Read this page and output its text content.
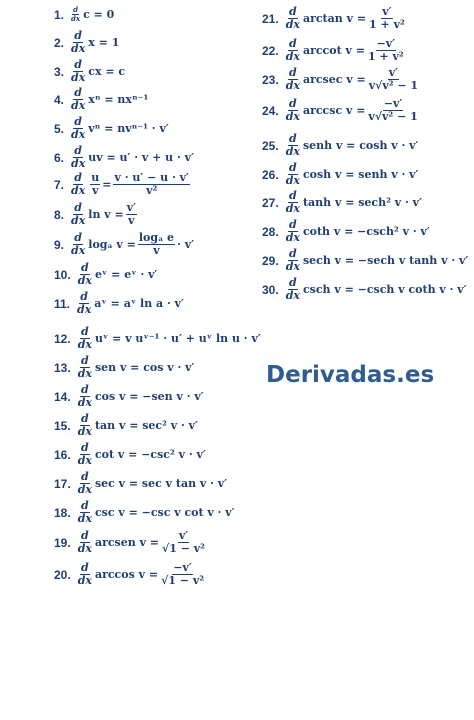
1. $\frac{d}{dx}$ c = 0
2. $\frac{d}{dx}$ x = 1
3. $\frac{d}{dx}$ cx = c
4. $\frac{d}{dx}$ xⁿ = nxⁿ⁻¹
5. $\frac{d}{dx}$ vⁿ = nvⁿ⁻¹ · v′
6. $\frac{d}{dx}$ uv = u′ · v + u · v′
7. $\frac{d}{dx} \frac{u}{v} = \frac{v \cdot u' - u \cdot v'}{\text{v²}}$
8. $\frac{d}{dx}$ $\ln v = \frac{v'}{v}$
9. $\frac{d}{dx}$ logₐ $v = \frac{\text{logₐ e}}{v} \cdot v'$
10. $\frac{d}{dx}$ eᵛ = eᵛ · v′
11. $\frac{d}{dx}$ aᵛ = aᵛ ln a · v′
12. $\frac{d}{dx}$ uᵛ = v uᵛ⁻¹ · u′ + uᵛ ln u · v′
13. $\frac{d}{dx}$ sen v = cos v · v′
14. $\frac{d}{dx}$ cos v = −sen v · v′
15. $\frac{d}{dx}$ tan v = sec² v · v′
16. $\frac{d}{dx}$ cot v = −csc² v · v′
17. $\frac{d}{dx}$ sec v = sec v tan v · v′
18. $\frac{d}{dx}$ csc v = −csc v cot v · v′
19. $\frac{d}{dx}$ arcsen $v = \frac{v'}{\text{√1 − v²}}$
20. $\frac{d}{dx}$ $\arccos v = \frac{-v'}{\text{√1 − v²}}$
21. $\frac{d}{dx}$ $\arctan v = \frac{v'}{\text{1 + v²}}$
22. $\frac{d}{dx}$ arccot $v = \frac{-v'}{\text{1 + v²}}$
23. $\frac{d}{dx}$ arcsec $v = \frac{v'}{\text{v√v² − 1}}$
24. $\frac{d}{dx}$ arccsc $v = \frac{-v'}{\text{v√v² − 1}}$
25. $\frac{d}{dx}$ senh v = cosh v · v′
26. $\frac{d}{dx}$ cosh v = senh v · v′
27. $\frac{d}{dx}$ tanh v = sech² v · v′
28. $\frac{d}{dx}$ coth v = −csch² v · v′
29. $\frac{d}{dx}$ sech v = −sech v tanh v · v′
30. $\frac{d}{dx}$ csch v = −csch v coth v · v′
Derivadas.es
